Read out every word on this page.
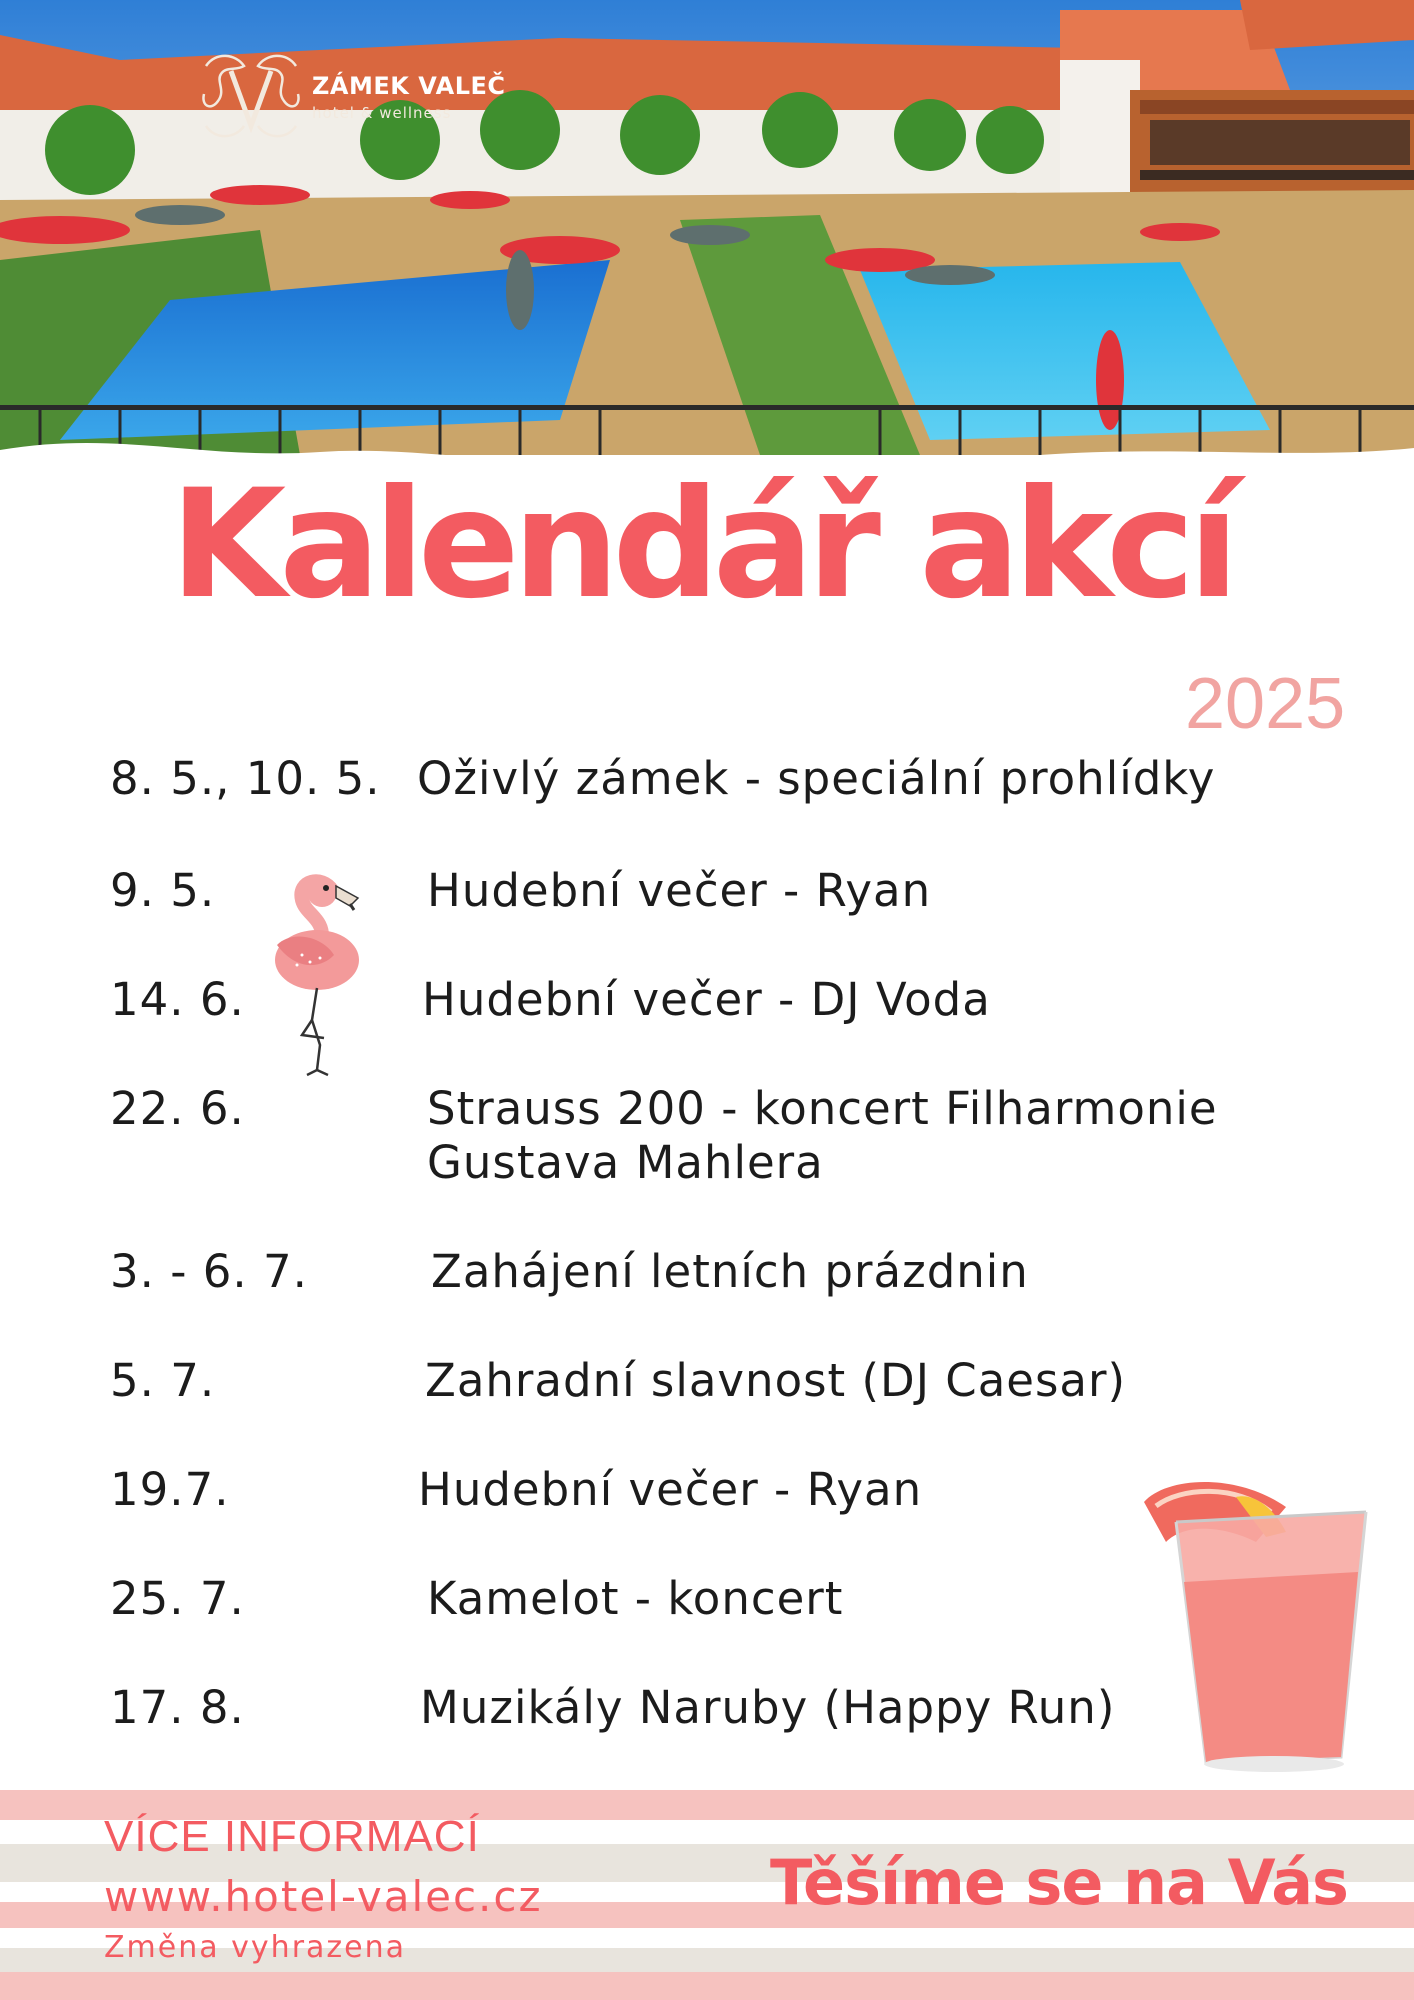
ZÁMEK VALEČ
hotel & wellness
Kalendář akcí
2025
8. 5., 10. 5. Oživlý zámek - speciální prohlídky
9. 5.	Hudební večer - Ryan
14. 6.	Hudební večer - DJ Voda
22. 6.	Strauss 200 - koncert Filharmonie
Gustava Mahlera
3. - 6. 7.	Zahájení letních prázdnin
5. 7.	Zahradní slavnost (DJ Caesar)
19.7.	Hudební večer - Ryan
25. 7.	Kamelot - koncert
17. 8.	Muzikály Naruby (Happy Run)
VÍCE INFORMACÍ
www.hotel-valec.cz
Změna vyhrazena
Těšíme se na Vás
